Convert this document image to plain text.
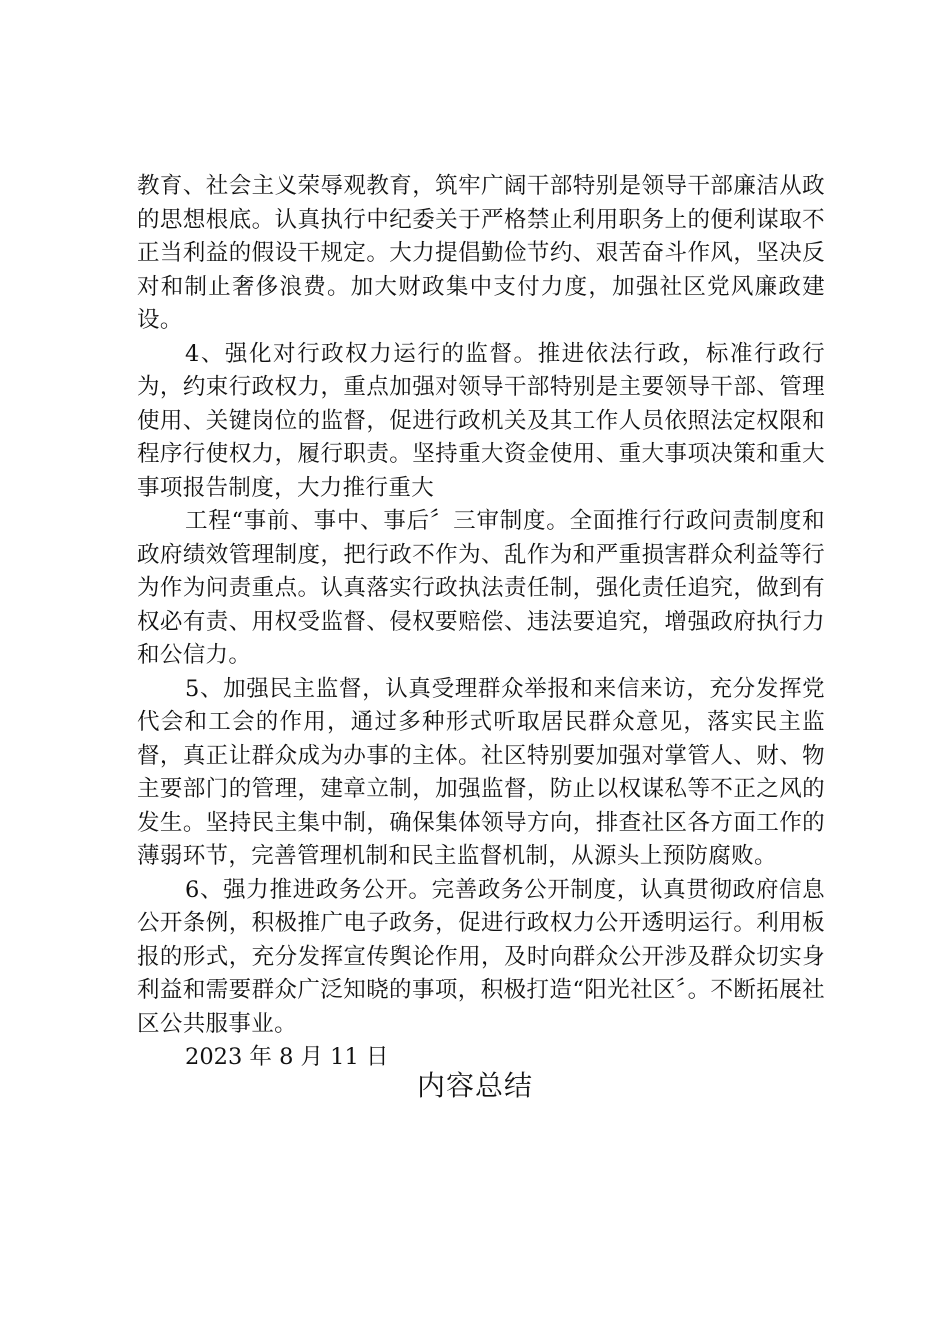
教育、社会主义荣辱观教育，筑牢广阔干部特别是领导干部廉洁从政的思想根底。认真执行中纪委关于严格禁止利用职务上的便利谋取不正当利益的假设干规定。大力提倡勤俭节约、艰苦奋斗作风，坚决反对和制止奢侈浪费。加大财政集中支付力度，加强社区党风廉政建设。

4、强化对行政权力运行的监督。推进依法行政，标准行政行为，约束行政权力，重点加强对领导干部特别是主要领导干部、管理使用、关键岗位的监督，促进行政机关及其工作人员依照法定权限和程序行使权力，履行职责。坚持重大资金使用、重大事项决策和重大事项报告制度，大力推行重大

工程“事前、事中、事后〞三审制度。全面推行行政问责制度和政府绩效管理制度，把行政不作为、乱作为和严重损害群众利益等行为作为问责重点。认真落实行政执法责任制，强化责任追究，做到有权必有责、用权受监督、侵权要赔偿、违法要追究，增强政府执行力和公信力。

5、加强民主监督，认真受理群众举报和来信来访，充分发挥党代会和工会的作用，通过多种形式听取居民群众意见，落实民主监督，真正让群众成为办事的主体。社区特别要加强对掌管人、财、物主要部门的管理，建章立制，加强监督，防止以权谋私等不正之风的发生。坚持民主集中制，确保集体领导方向，排查社区各方面工作的薄弱环节，完善管理机制和民主监督机制，从源头上预防腐败。

6、强力推进政务公开。完善政务公开制度，认真贯彻政府信息公开条例，积极推广电子政务，促进行政权力公开透明运行。利用板报的形式，充分发挥宣传舆论作用，及时向群众公开涉及群众切实身利益和需要群众广泛知晓的事项，积极打造“阳光社区〞。不断拓展社区公共服事业。

2023 年 8 月 11 日

内容总结
